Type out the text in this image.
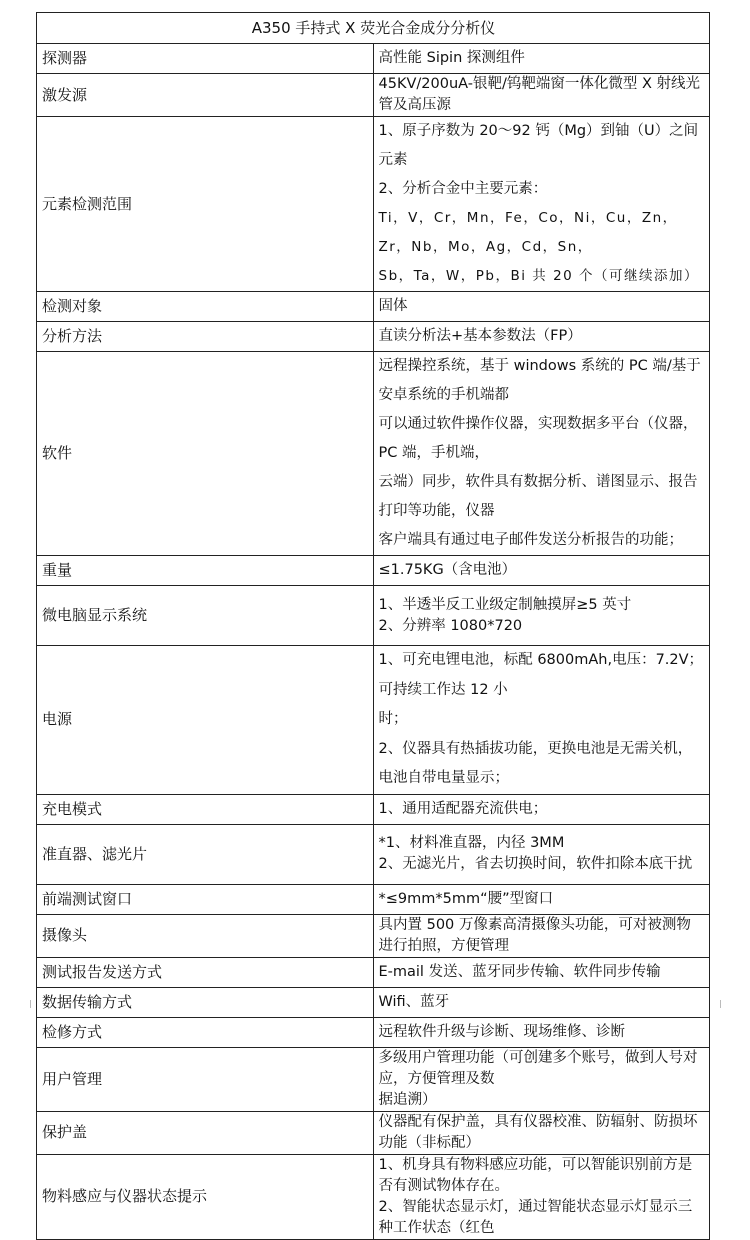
A350 手持式 X 荧光合金成分分析仪	
探测器	高性能 Sipin 探测组件

激发源	45KV/200uA-银靶/钨靶端窗一体化微型 X 射线光管及高压源

元素检测范围	1、原子序数为 20～92 钙（Mg）到铀（U）之间元素

2、分析合金中主要元素：

Ti，V，Cr，Mn，Fe，Co，Ni，Cu，Zn，Zr，Nb，Mo，Ag，Cd，Sn，

Sb，Ta，W，Pb，Bi 共 20 个（可继续添加）

检测对象	固体

分析方法	直读分析法+基本参数法（FP）

软件	远程操控系统，基于 windows 系统的 PC 端/基于安卓系统的手机端都

可以通过软件操作仪器，实现数据多平台（仪器，PC 端，手机端，

云端）同步，软件具有数据分析、谱图显示、报告打印等功能，仪器

客户端具有通过电子邮件发送分析报告的功能；

重量	≤1.75KG（含电池）

微电脑显示系统	1、半透半反工业级定制触摸屏≥5 英寸

2、分辨率 1080*720

电源	1、可充电锂电池，标配 6800mAh,电压：7.2V；可持续工作达 12 小

时；

2、仪器具有热插拔功能，更换电池是无需关机，电池自带电量显示；

充电模式	1、通用适配器充流供电；

准直器、滤光片	*1、材料准直器，内径 3MM

2、无滤光片，省去切换时间，软件扣除本底干扰

前端测试窗口	*≤9mm*5mm“腰”型窗口

摄像头	具内置 500 万像素高清摄像头功能，可对被测物进行拍照，方便管理

测试报告发送方式	E-mail 发送、蓝牙同步传输、软件同步传输

数据传输方式	Wifi、蓝牙

检修方式	远程软件升级与诊断、现场维修、诊断

用户管理	多级用户管理功能（可创建多个账号，做到人号对应，方便管理及数

据追溯）

保护盖	仪器配有保护盖，具有仪器校准、防辐射、防损坏功能（非标配）

物料感应与仪器状态提示	1、机身具有物料感应功能，可以智能识别前方是否有测试物体存在。

2、智能状态显示灯，通过智能状态显示灯显示三种工作状态（红色
